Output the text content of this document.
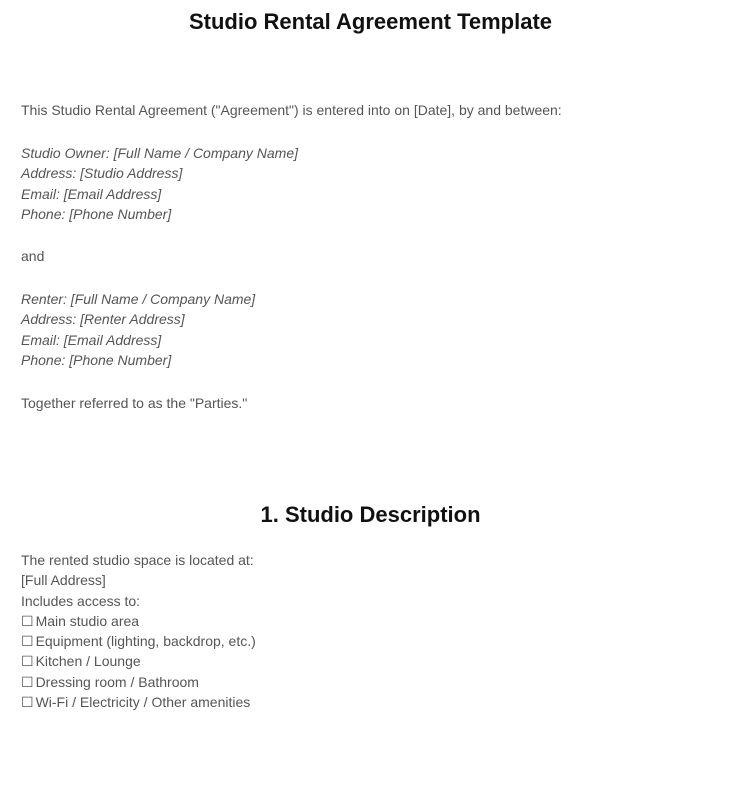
Studio Rental Agreement Template

This Studio Rental Agreement ("Agreement") is entered into on [Date], by and between:

Studio Owner: [Full Name / Company Name]
Address: [Studio Address]
Email: [Email Address]
Phone: [Phone Number]

and

Renter: [Full Name / Company Name]
Address: [Renter Address]
Email: [Email Address]
Phone: [Phone Number]

Together referred to as the "Parties."

1. Studio Description
The rented studio space is located at:
[Full Address]
Includes access to:
☐ Main studio area
☐ Equipment (lighting, backdrop, etc.)
☐ Kitchen / Lounge
☐ Dressing room / Bathroom
☐ Wi-Fi / Electricity / Other amenities
